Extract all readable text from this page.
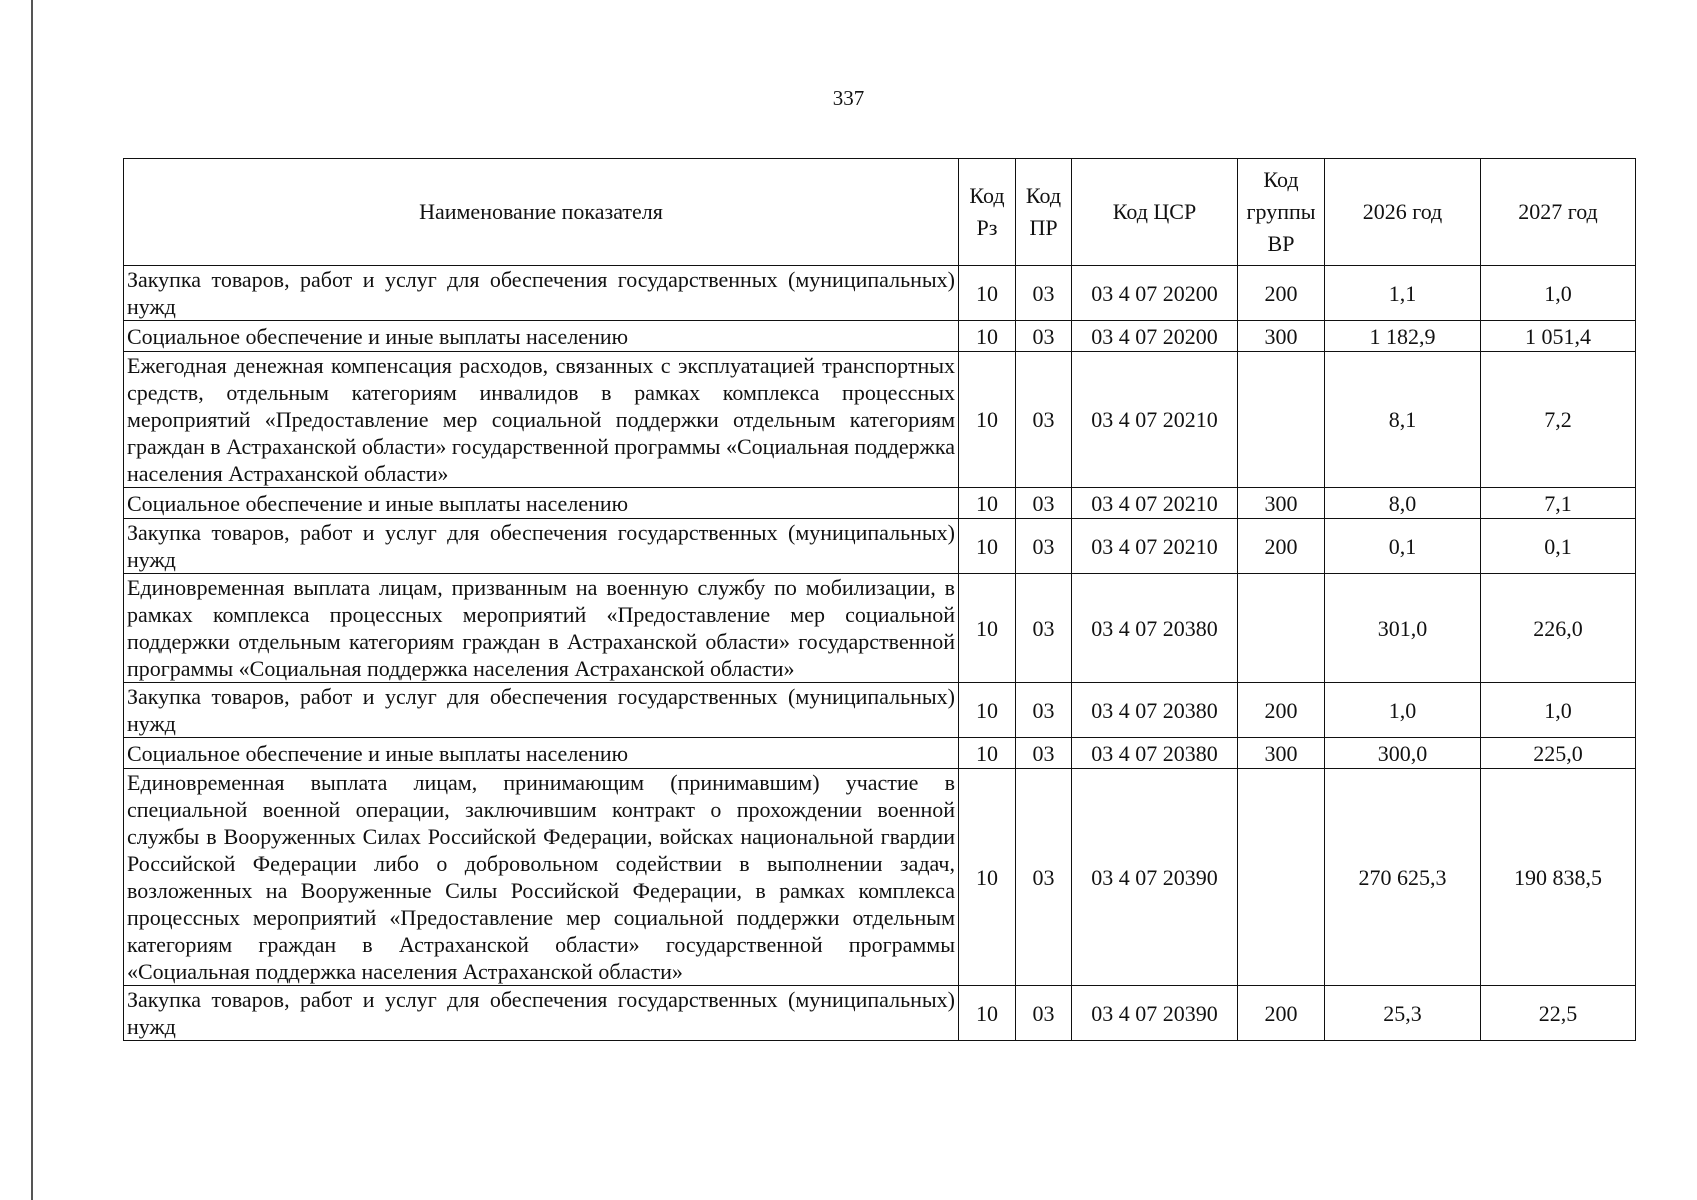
337
Наименование показателя	Код Рз	Код ПР	Код ЦСР	Код группы ВР	2026 год	2027 год
Закупка товаров, работ и услуг для обеспечения государственных (муниципальных) нужд	10	03	03 4 07 20200	200	1,1	1,0
Социальное обеспечение и иные выплаты населению	10	03	03 4 07 20200	300	1 182,9	1 051,4
Ежегодная денежная компенсация расходов, связанных с эксплуатацией транспортных средств, отдельным категориям инвалидов в рамках комплекса процессных мероприятий «Предоставление мер социальной поддержки отдельным категориям граждан в Астраханской области» государственной программы «Социальная поддержка населения Астраханской области»	10	03	03 4 07 20210		8,1	7,2
Социальное обеспечение и иные выплаты населению	10	03	03 4 07 20210	300	8,0	7,1
Закупка товаров, работ и услуг для обеспечения государственных (муниципальных) нужд	10	03	03 4 07 20210	200	0,1	0,1
Единовременная выплата лицам, призванным на военную службу по мобилизации, в рамках комплекса процессных мероприятий «Предоставление мер социальной поддержки отдельным категориям граждан в Астраханской области» государственной программы «Социальная поддержка населения Астраханской области»	10	03	03 4 07 20380		301,0	226,0
Закупка товаров, работ и услуг для обеспечения государственных (муниципальных) нужд	10	03	03 4 07 20380	200	1,0	1,0
Социальное обеспечение и иные выплаты населению	10	03	03 4 07 20380	300	300,0	225,0
Единовременная выплата лицам, принимающим (принимавшим) участие в специальной военной операции, заключившим контракт о прохождении военной службы в Вооруженных Силах Российской Федерации, войсках национальной гвардии Российской Федерации либо о добровольном содействии в выполнении задач, возложенных на Вооруженные Силы Российской Федерации, в рамках комплекса процессных мероприятий «Предоставление мер социальной поддержки отдельным категориям граждан в Астраханской области» государственной программы «Социальная поддержка населения Астраханской области»	10	03	03 4 07 20390		270 625,3	190 838,5
Закупка товаров, работ и услуг для обеспечения государственных (муниципальных) нужд	10	03	03 4 07 20390	200	25,3	22,5
